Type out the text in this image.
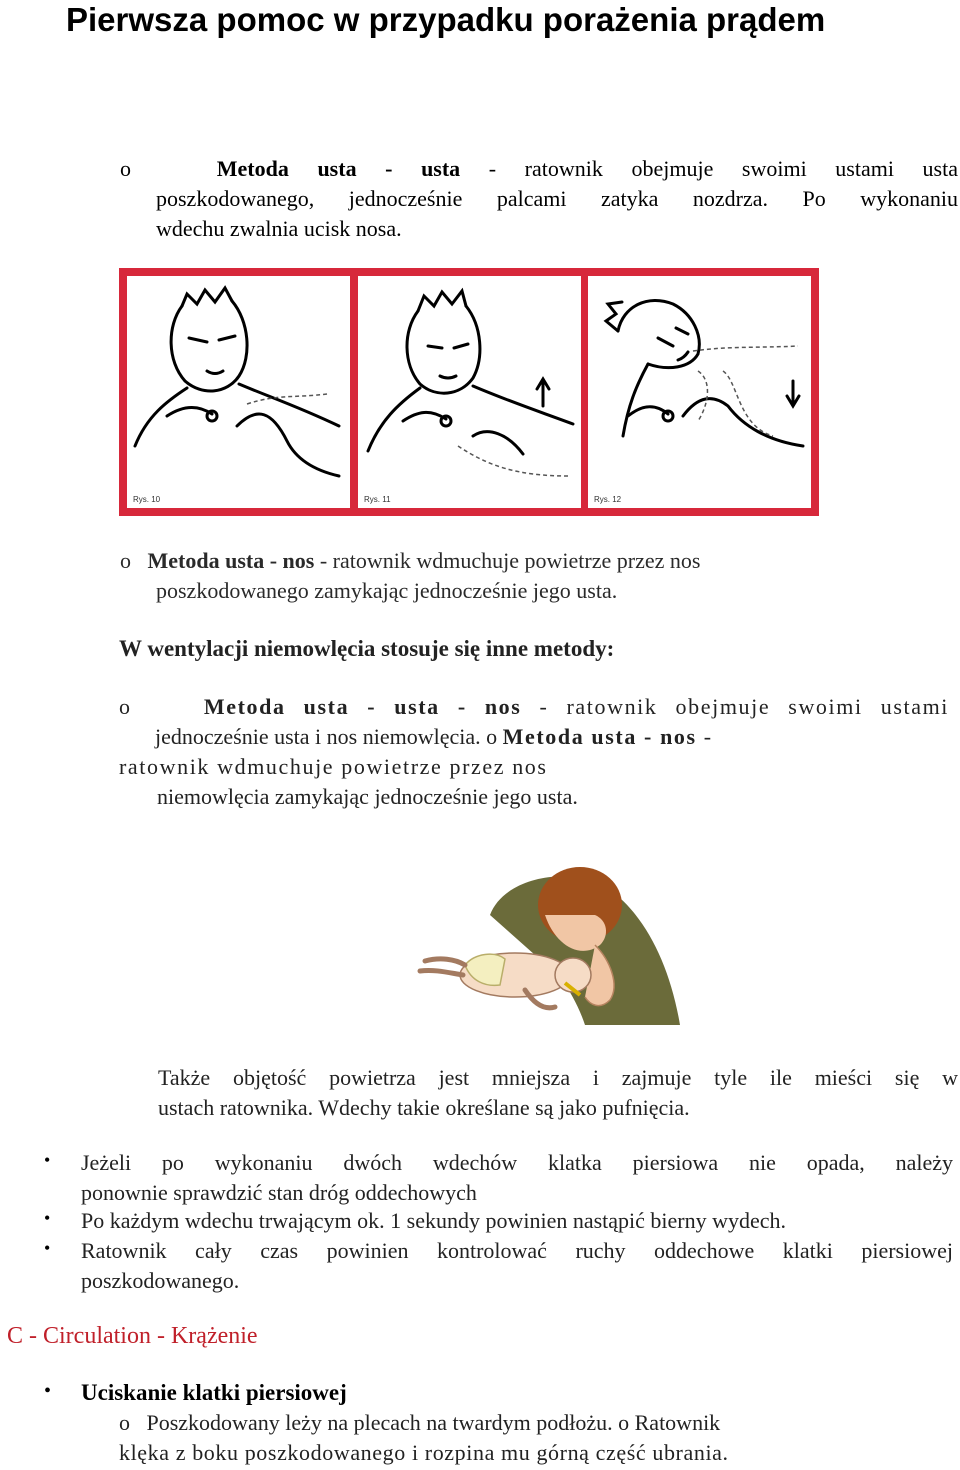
Pierwsza pomoc w przypadku porażenia prądem
o	Metoda usta - usta - ratownik obejmuje swoimi ustami usta
poszkodowanego, jednocześnie palcami zatyka nozdrza. Po wykonaniu
wdechu zwalnia ucisk nosa.
Rys. 10	Rys. 11	Rys. 12
o Metoda usta - nos - ratownik wdmuchuje powietrze przez nos
poszkodowanego zamykając jednocześnie jego usta.
W wentylacji niemowlęcia stosuje się inne metody:
o	Metoda usta - usta - nos - ratownik obejmuje swoimi ustami
jednocześnie usta i nos niemowlęcia. o Metoda usta - nos -
ratownik wdmuchuje powietrze przez nos
niemowlęcia zamykając jednocześnie jego usta.
Także objętość powietrza jest mniejsza i zajmuje tyle ile mieści się w
ustach ratownika. Wdechy takie określane są jako pufnięcia.
• Jeżeli po wykonaniu dwóch wdechów klatka piersiowa nie opada, należy
ponownie sprawdzić stan dróg oddechowych
• Po każdym wdechu trwającym ok. 1 sekundy powinien nastąpić bierny wydech.
• Ratownik cały czas powinien kontrolować ruchy oddechowe klatki piersiowej
poszkodowanego.
C - Circulation - Krążenie
• Uciskanie klatki piersiowej
o Poszkodowany leży na plecach na twardym podłożu. o Ratownik
klęka z boku poszkodowanego i rozpina mu górną część ubrania.
